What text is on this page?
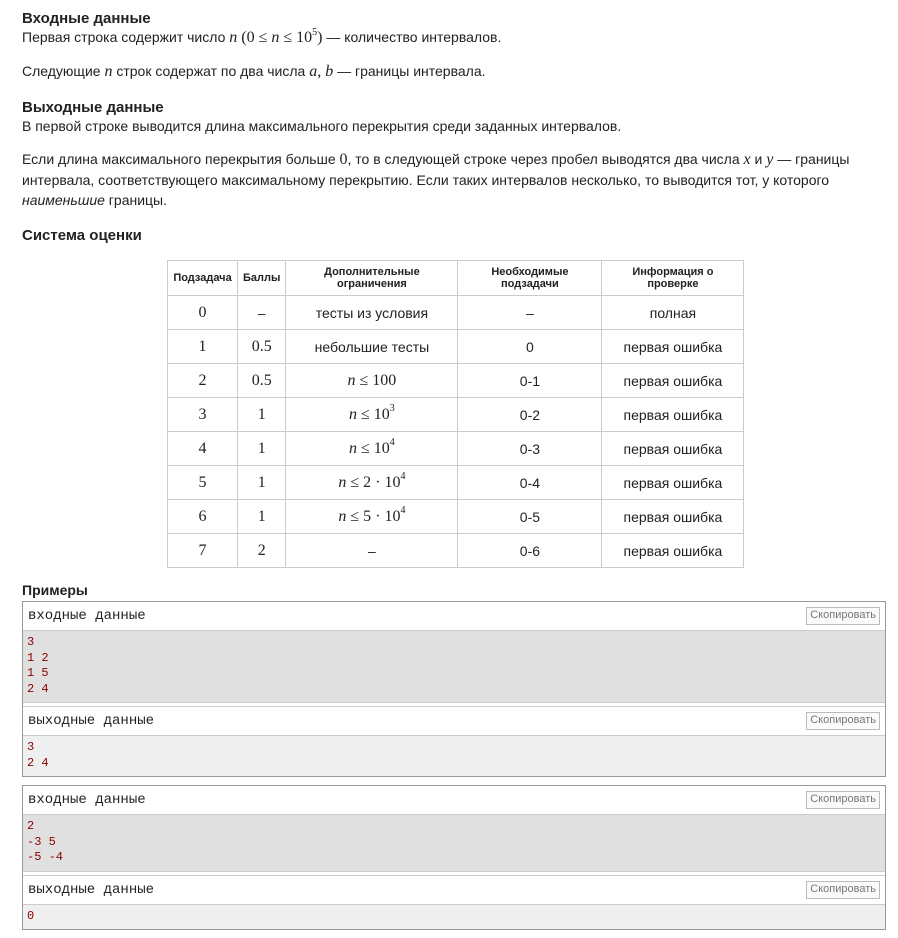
Входные данные

Первая строка содержит число n $(0 \le n \le 10^5)$ — количество интервалов.

Следующие n строк содержат по два числа a, b — границы интервала.

Выходные данные

В первой строке выводится длина максимального перекрытия среди заданных интервалов.

Если длина максимального перекрытия больше 0, то в следующей строке через пробел выводятся два числа x и y — границы

интервала, соответствующего максимальному перекрытию. Если таких интервалов несколько, то выводится тот, у которого

наименьшие границы.

Система оценки
Подзадача	Баллы	Дополнительные ограничения	Необходимые подзадачи	Информация о проверке
0	–	тесты из условия	–	полная
1	0.5	небольшие тесты	0	первая ошибка
2	0.5	n ≤ 100	0-1	первая ошибка
3	1	$n \le 10^3$	0-2	первая ошибка
4	1	$n \le 10^4$	0-3	первая ошибка
5	1	$n \le 2 \cdot 10^4$	0-4	первая ошибка
6	1	$n \le 5 \cdot 10^4$	0-5	первая ошибка
7	2	–	0-6	первая ошибка
Примеры
входные данные	Скопировать
3
1 2
1 5
2 4
выходные данные	Скопировать
3
2 4
входные данные	Скопировать
2
-3 5
-5 -4
выходные данные	Скопировать
0
